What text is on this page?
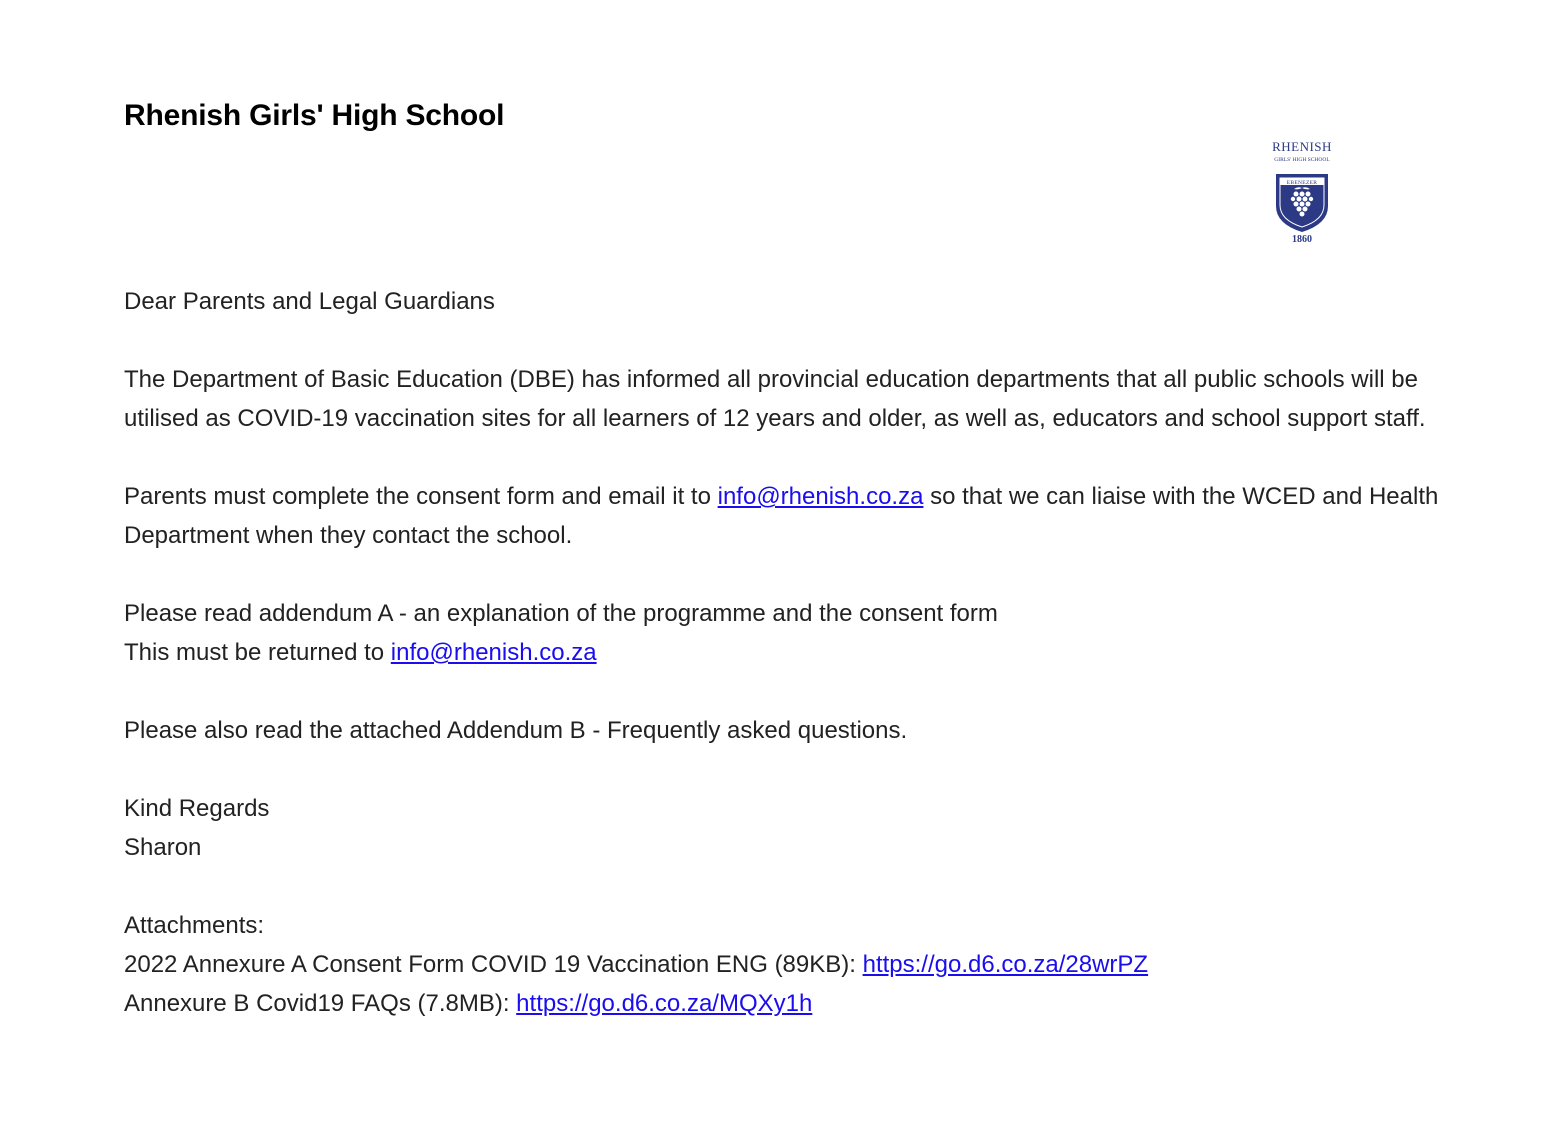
Rhenish Girls' High School
RHENISH
GIRLS' HIGH SCHOOL
EBENEZER
1860

Dear Parents and Legal Guardians

The Department of Basic Education (DBE) has informed all provincial education departments that all public schools will be utilised as COVID-19 vaccination sites for all learners of 12 years and older, as well as, educators and school support staff.

Parents must complete the consent form and email it to info@rhenish.co.za so that we can liaise with the WCED and Health Department when they contact the school.

Please read addendum A - an explanation of the programme and the consent form
This must be returned to info@rhenish.co.za

Please also read the attached Addendum B - Frequently asked questions.

Kind Regards
Sharon

Attachments:
2022 Annexure A Consent Form COVID 19 Vaccination ENG (89KB): https://go.d6.co.za/28wrPZ
Annexure B Covid19 FAQs (7.8MB): https://go.d6.co.za/MQXy1h
